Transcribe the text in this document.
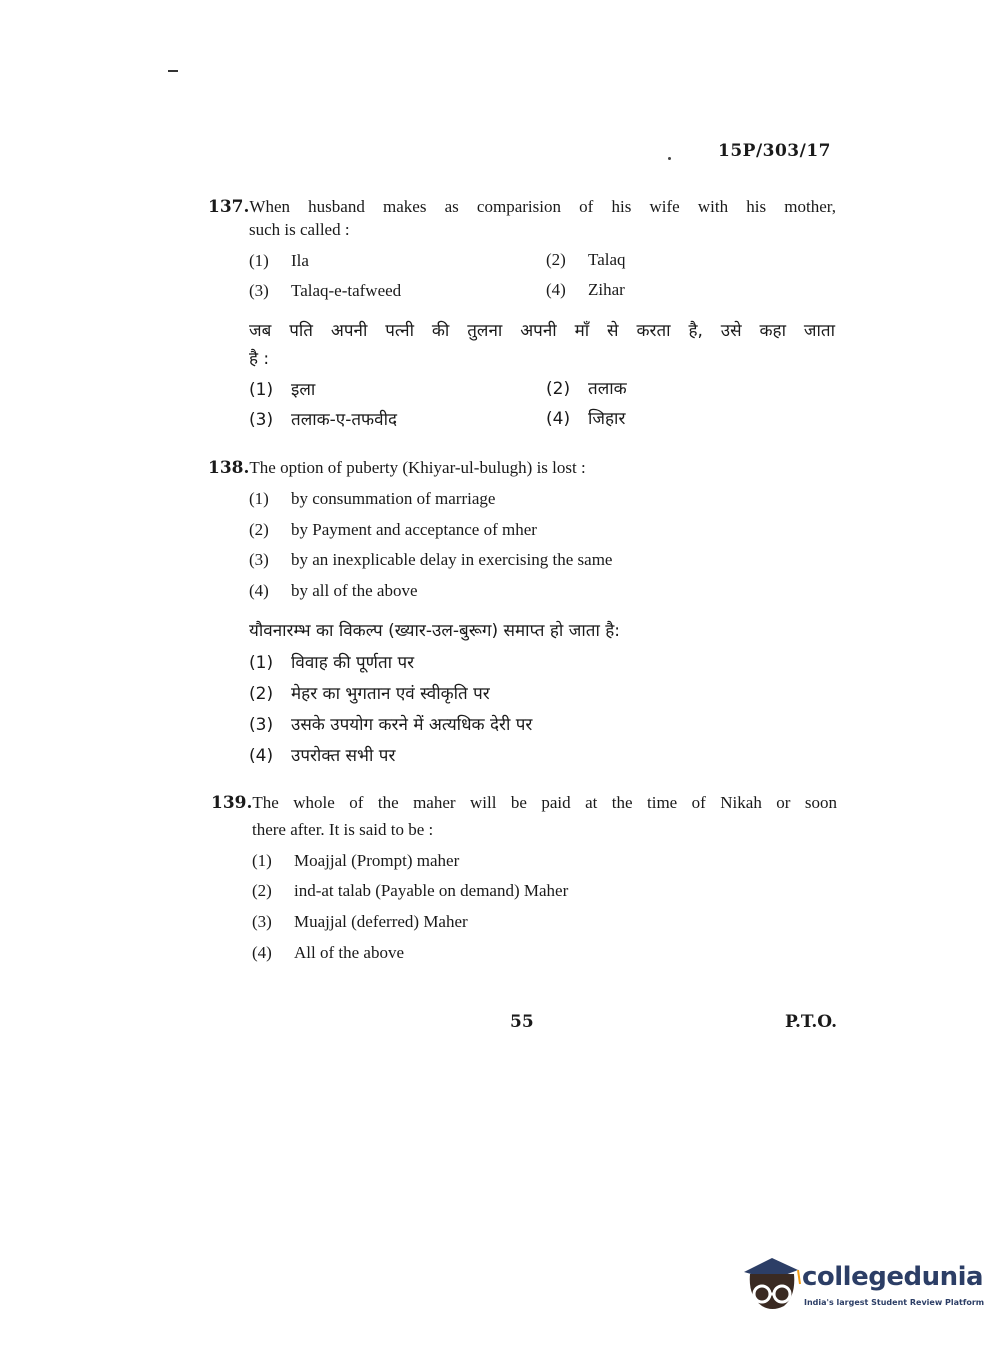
15P/303/17
137.When husband makes as comparision of his wife with his mother,
such is called :
(1) Ila	(2) Talaq
(3) Talaq-e-tafweed	(4) Zihar
जब पति अपनी पत्नी की तुलना अपनी माँ से करता है, उसे कहा जाता
है :
(1) इला	(2) तलाक
(3) तलाक-ए-तफवीद	(4) जिहार
138.The option of puberty (Khiyar-ul-bulugh) is lost :
(1) by consummation of marriage
(2) by Payment and acceptance of mher
(3) by an inexplicable delay in exercising the same
(4) by all of the above
यौवनारम्भ का विकल्प (ख्यार-उल-बुरूग) समाप्त हो जाता है:
(1) विवाह की पूर्णता पर
(2) मेहर का भुगतान एवं स्वीकृति पर
(3) उसके उपयोग करने में अत्यधिक देरी पर
(4) उपरोक्त सभी पर
139.The whole of the maher will be paid at the time of Nikah or soon
there after. It is said to be :
(1) Moajjal (Prompt) maher
(2) ind-at talab (Payable on demand) Maher
(3) Muajjal (deferred) Maher
(4) All of the above
55	P.T.O.
collegedunia
India's largest Student Review Platform
